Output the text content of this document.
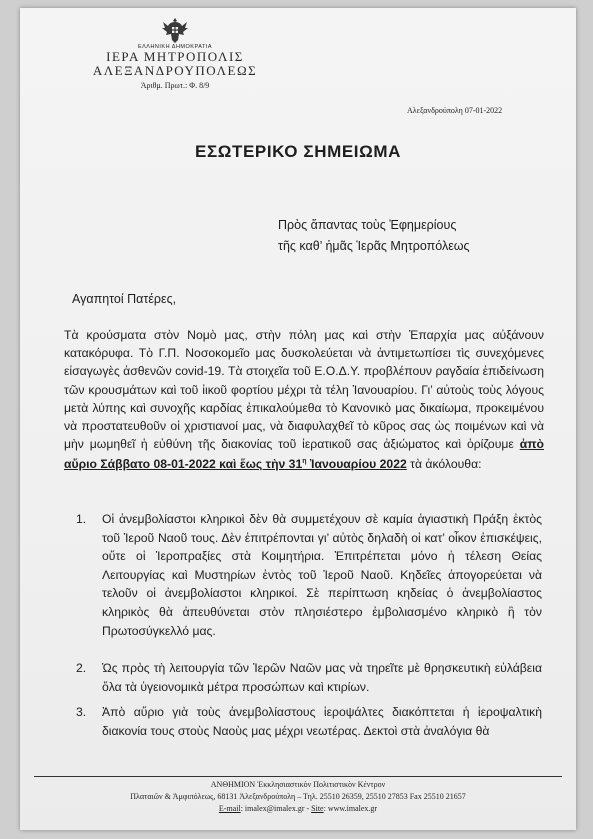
ΕΛΛΗΝΙΚΗ ΔΗΜΟΚΡΑΤΙΑ
ΙΕΡΑ ΜΗΤΡΟΠΟΛΙΣ
ΑΛΕΞΑΝΔΡΟΥΠΟΛΕΩΣ
Άριθμ. Πρωτ.: Φ. 8/9
Αλεξανδρούπολη 07-01-2022
ΕΣΩΤΕΡΙΚΟ ΣΗΜΕΙΩΜΑ
Πρὸς ἅπαντας τοὺς Ἐφημερίους
τῆς καθ’ ἡμᾶς Ἱερᾶς Μητροπόλεως
Αγαπητοί Πατέρες,
Τὰ κρούσματα στὸν Νομὸ μας, στὴν πόλη μας καὶ στὴν Ἐπαρχία μας αὐξάνουν κατακόρυφα. Τὸ Γ.Π. Νοσοκομεῖο μας δυσκολεύεται νὰ ἀντιμετωπίσει τὶς συνεχόμενες εἰσαγωγὲς ἀσθενῶν covid-19. Τὰ στοιχεῖα τοῦ Ε.Ο.Δ.Υ. προβλέπουν ραγδαία ἐπιδείνωση τῶν κρουσμάτων καὶ τοῦ ἰικοῦ φορτίου μέχρι τὰ τέλη Ἰανουαρίου. Γι’ αὐτοὺς τοὺς λόγους μετὰ λύπης καὶ συνοχῆς καρδίας ἐπικαλούμεθα τὸ Κανονικὸ μας δικαίωμα, προκειμένου νὰ προστατευθοῦν οἱ χριστιανοί μας, νὰ διαφυλαχθεῖ τὸ κῦρος σας ὡς ποιμένων καὶ νὰ μὴν μωμηθεῖ ἡ εὐθύνη τῆς διακονίας τοῦ ἱερατικοῦ σας ἀξιώματος καὶ ὁρίζουμε ἀπὸ αὔριο Σάββατο 08-01-2022 καὶ ἕως τὴν $31^\eta$ Ἰανουαρίου 2022 τὰ ἀκόλουθα:
1.	Οἱ ἀνεμβολίαστοι κληρικοὶ δὲν θὰ συμμετέχουν σὲ καμία ἁγιαστικὴ Πράξη ἐκτὸς τοῦ Ἱεροῦ Ναοῦ τους. Δὲν ἐπιτρέπονται γι’ αὐτὸς δηλαδὴ οἱ κατ’ οἶκον ἐπισκέψεις, οὔτε οἱ Ἱεροπραξίες στὰ Κοιμητήρια. Ἐπιτρέπεται μόνο ἡ τέλεση Θείας Λειτουργίας καὶ Μυστηρίων ἐντὸς τοῦ Ἱεροῦ Ναοῦ. Κηδεῖες ἀπογορεύεται νὰ τελοῦν οἱ ἀνεμβολίαστοι κληρικοί. Σὲ περίπτωση κηδείας ὁ ἀνεμβολίαστος κληρικὸς θὰ ἀπευθύνεται στὸν πλησιέστερο ἐμβολιασμένο κληρικὸ ἢ τὸν Πρωτοσύγκελλό μας.
2.	Ὡς πρὸς τὴ λειτουργία τῶν Ἱερῶν Ναῶν μας νὰ τηρεῖτε μὲ θρησκευτικὴ εὐλάβεια ὅλα τὰ ὑγειονομικὰ μέτρα προσώπων καὶ κτιρίων.
3.	Ἀπὸ αὔριο γιὰ τοὺς ἀνεμβολίαστους ἱεροψάλτες διακόπτεται ἡ ἱεροψαλτικὴ διακονία τους στοὺς Ναοὺς μας μέχρι νεωτέρας. Δεκτοὶ στὰ ἀναλόγια θὰ
ΑΝΘΗΜΙΟΝ Ἐκκλησιαστικὸν Πολιτιστικὸν Κέντρον
Πλαταιῶν & Ἀμφιπόλεως, 68131 Ἀλεξανδρούπολη – Τηλ. 25510 26359, 25510 27853 Fax 25510 21657
E-mail: imalex@imalex.gr - Site: www.imalex.gr
